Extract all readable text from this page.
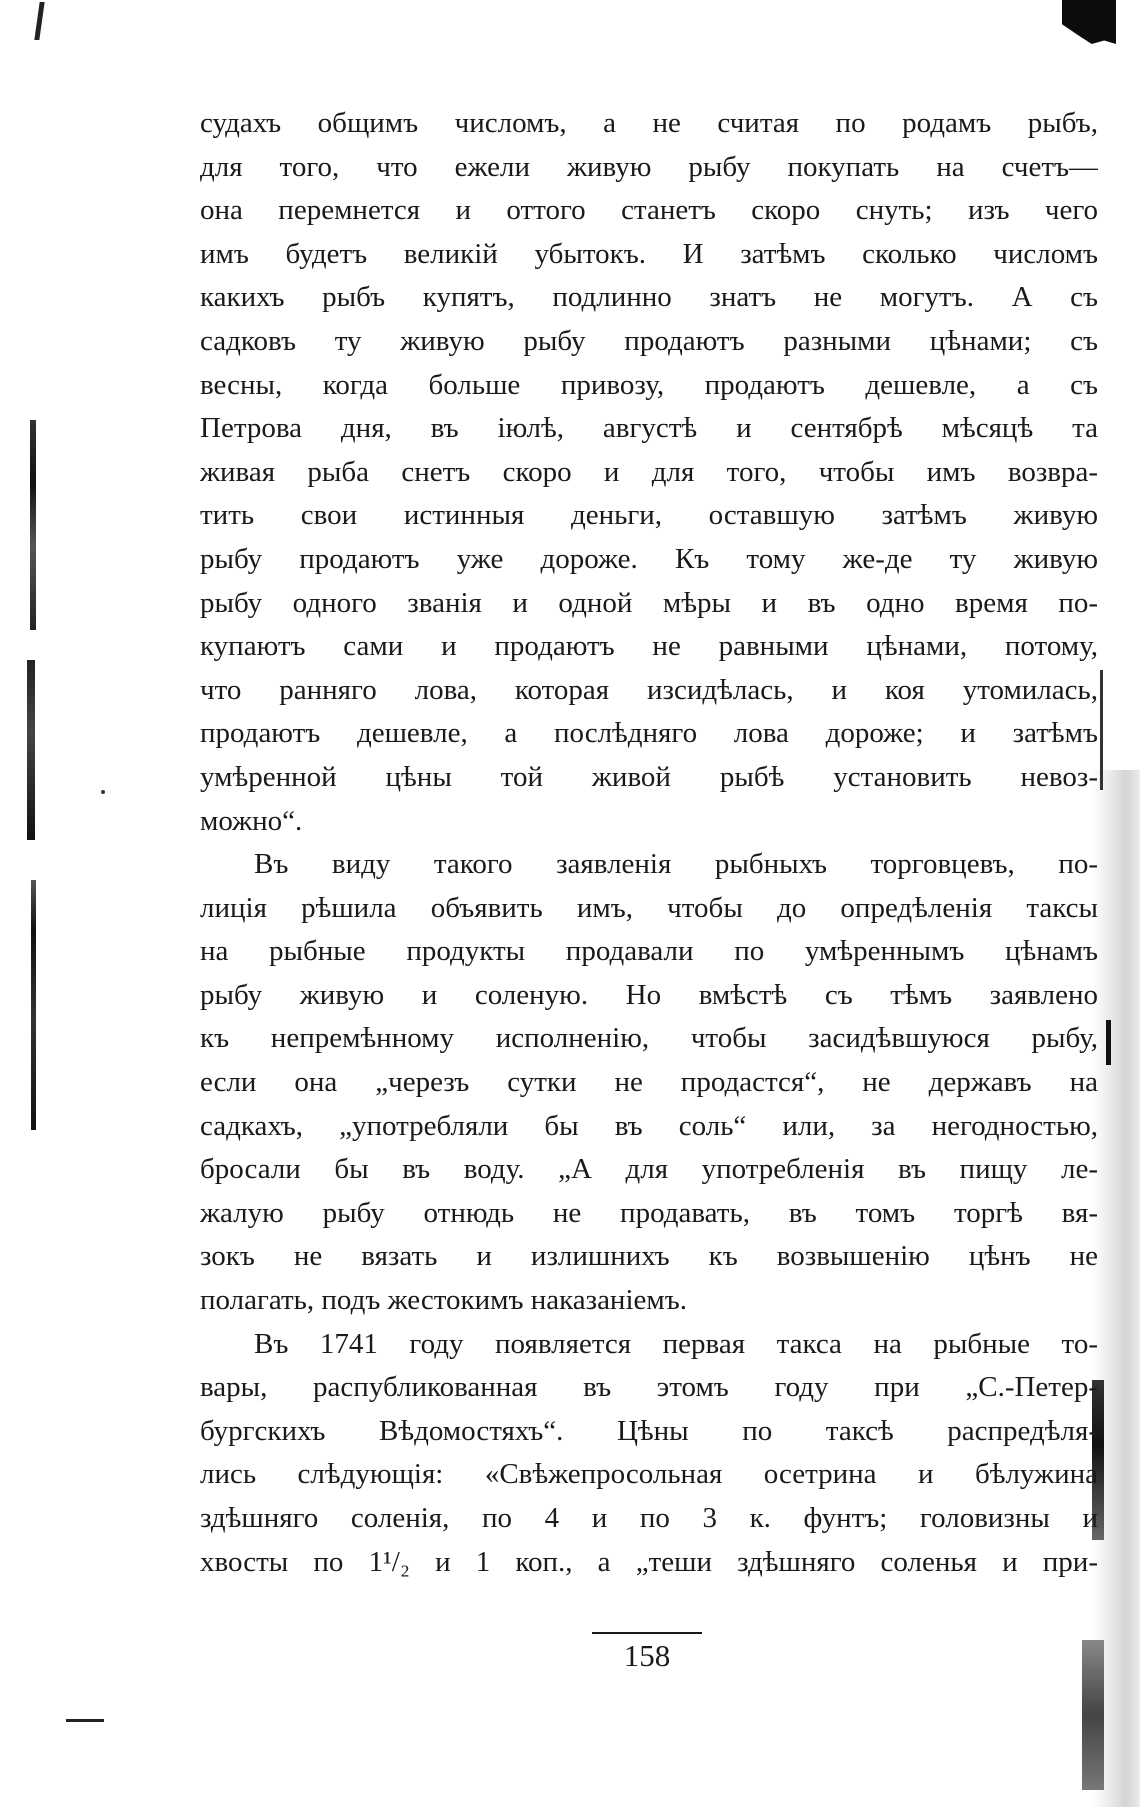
судахъ общимъ числомъ, а не считая по родамъ рыбъ,
для того, что ежели живую рыбу покупать на счетъ—
она перемнется и оттого станетъ скоро снуть; изъ чего
имъ будетъ великій убытокъ. И затѣмъ сколько числомъ
какихъ рыбъ купятъ, подлинно знатъ не могутъ. А съ
садковъ ту живую рыбу продаютъ разными цѣнами; съ
весны, когда больше привозу, продаютъ дешевле, а съ
Петрова дня, въ іюлѣ, августѣ и сентябрѣ мѣсяцѣ та
живая рыба снетъ скоро и для того, чтобы имъ возвра-
тить свои истинныя деньги, оставшую затѣмъ живую
рыбу продаютъ уже дороже. Къ тому же-де ту живую
рыбу одного званія и одной мѣры и въ одно время по-
купаютъ сами и продаютъ не равными цѣнами, потому,
что ранняго лова, которая изсидѣлась, и коя утомилась,
продаютъ дешевле, а послѣдняго лова дороже; и затѣмъ
умѣренной цѣны той живой рыбѣ установить невоз-
можно“.
Въ виду такого заявленія рыбныхъ торговцевъ, по-
лиція рѣшила объявить имъ, чтобы до опредѣленія таксы
на рыбные продукты продавали по умѣреннымъ цѣнамъ
рыбу живую и соленую. Но вмѣстѣ съ тѣмъ заявлено
къ непремѣнному исполненію, чтобы засидѣвшуюся рыбу,
если она „черезъ сутки не продастся“, не державъ на
садкахъ, „употребляли бы въ соль“ или, за негодностью,
бросали бы въ воду. „А для употребленія въ пищу ле-
жалую рыбу отнюдь не продавать, въ томъ торгѣ вя-
зокъ не вязать и излишнихъ къ возвышенію цѣнъ не
полагать, подъ жестокимъ наказаніемъ.
Въ 1741 году появляется первая такса на рыбные то-
вары, распубликованная въ этомъ году при „С.-Петер-
бургскихъ Вѣдомостяхъ“. Цѣны по таксѣ распредѣля-
лись слѣдующія: «Свѣжепросольная осетрина и бѣлужина
здѣшняго соленія, по 4 и по 3 к. фунтъ; головизны и
хвосты по 1¹/₂ и 1 коп., а „теши здѣшняго соленья и при-
158
